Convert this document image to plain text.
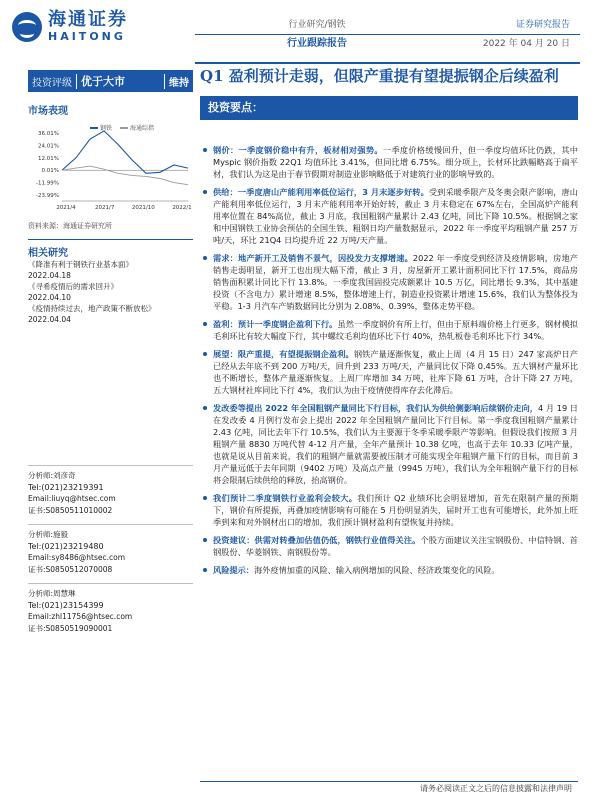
海通证券
HAITONG
行业研究/钢铁
行业跟踪报告
证券研究报告
2022 年 04 月 20 日
投资评级 优于大市	维持
市场表现
钢铁	海通综指
36.01%
24.01%
12.01%
0.01%
-11.99%
-23.99%
2021/4	2021/7	2021/10	2022/1
资料来源：海通证券研究所
相关研究
《降准有利于钢铁行业基本面》
2022.04.18
《寻希疫情后的需求回升》
2022.04.10
《疫情持续过去，地产政策不断放松》
2022.04.04
分析师:刘彦奇
Tel:(021)23219391
Email:liuyq@htsec.com
证书:S0850511010002
分析师:施毅
Tel:(021)23219480
Email:sy8486@htsec.com
证书:S0850512070008
分析师:周慧琳
Tel:(021)23154399
Email:zhl11756@htsec.com
证书:S0850519090001
Q1 盈利预计走弱，但限产重提有望提振钢企后续盈利
投资要点：
钢价：一季度钢价稳中有升，板材相对强势。一季度价格缓慢回升，但一季度均值环比仍跌，其中 Myspic 钢价指数 22Q1 均值环比 3.41%，但同比增 6.75%。细分项上，长材环比跌幅略高于扁平材，我们认为这是由于春节假期对制造业影响略低于对建筑行业的影响导致的。
供给：一季度唐山产能利用率低位运行，3 月末逐步好转。受到采暖季限产及冬奥会限产影响，唐山产能利用率低位运行，3 月末产能利用率开始好转，截止 3 月末稳定在 67%左右，全国高炉产能利用率位置在 84%高位，截止 3 月底，我国粗钢产量累计 2.43 亿吨，同比下降 10.5%。根据钢之家和中国钢铁工业协会预估的全国生铁、粗钢日均产量数据显示，2022 年一季度平均粗钢产量 257 万吨/天，环比 21Q4 日均提升近 22 万吨/天产量。
需求：地产新开工及销售不景气，因投发力支撑增速。2022 年一季度受到经济及疫情影响，房地产销售走弱明显，新开工也出现大幅下滑，截止 3 月，房屋新开工累计面积同比下行 17.5%，商品房销售面积累计同比下行 13.8%。一季度我国固投完成额累计 10.5 万亿，同比增长 9.3%，其中基建投资（不含电力）累计增速 8.5%，整体增速上行，制造业投资累计增速 15.6%，我们认为整体投为平稳。1-3 月汽车产销数据同比分别为 2.08%、0.39%，整体走势平稳。
盈利：预计一季度钢企盈利下行。虽然一季度钢价有所上行，但由于原料端价格上行更多，钢材模拟毛利环比有较大幅度下行，其中螺纹毛利均值环比下行 40%，热轧板卷毛利环比下行 34%。
展望：限产重提，有望提振钢企盈利。钢铁产量逐渐恢复，截止上周（4 月 15 日）247 家高炉日产已经从去年底不到 200 万吨/天，回升到 233 万吨/天，产量同比仅下降 0.45%。五大钢材产量环比也不断增长，整体产量逐渐恢复。上周厂库增加 34 万吨，社库下降 61 万吨，合计下降 27 万吨，五大钢材社库同比下行 4%，我们认为由于疫情使得库存去化滞后。
发改委等提出 2022 年全国粗钢产量同比下行目标，我们认为供给侧影响后续钢价走向，4 月 19 日在发改委 4 月例行发布会上提出 2022 年全国粗钢产量同比下行目标。第一季度我国粗钢产量累计 2.43 亿吨，同比去年下行 10.5%，我们认为主要源于冬季采暖季限产等影响。但假设我们按照 3 月粗钢产量 8830 万吨代替 4-12 月产量，全年产量预计 10.38 亿吨，也高于去年 10.33 亿吨产量，也就是说从目前来说，我们的粗钢产量就需要被压制才可能实现全年粗钢产量下行的目标，而目前 3 月产量远低于去年同期（9402 万吨）及高点产量（9945 万吨），我们认为全年粗钢产量下行的目标将会限制后续供给的释放，抬高钢价。
我们预计二季度钢铁行业盈利会较大。我们预计 Q2 业绩环比会明显增加，首先在限制产量的预期下，钢价有所提振，再叠加疫情影响有可能在 5 月份明显消失，届时开工也有可能增长，此外加上旺季到来和对外钢材出口的增加，我们预计钢材盈利有望恢复并持续。
投资建议：供需对转叠加估值仍低，钢铁行业值得关注。个股方面建议关注宝钢股份、中信特钢、首钢股份、华菱钢铁、南钢股份等。
风险提示：海外疫情加重的风险、输入病例增加的风险、经济政策变化的风险。
请务必阅读正文之后的信息披露和法律声明
